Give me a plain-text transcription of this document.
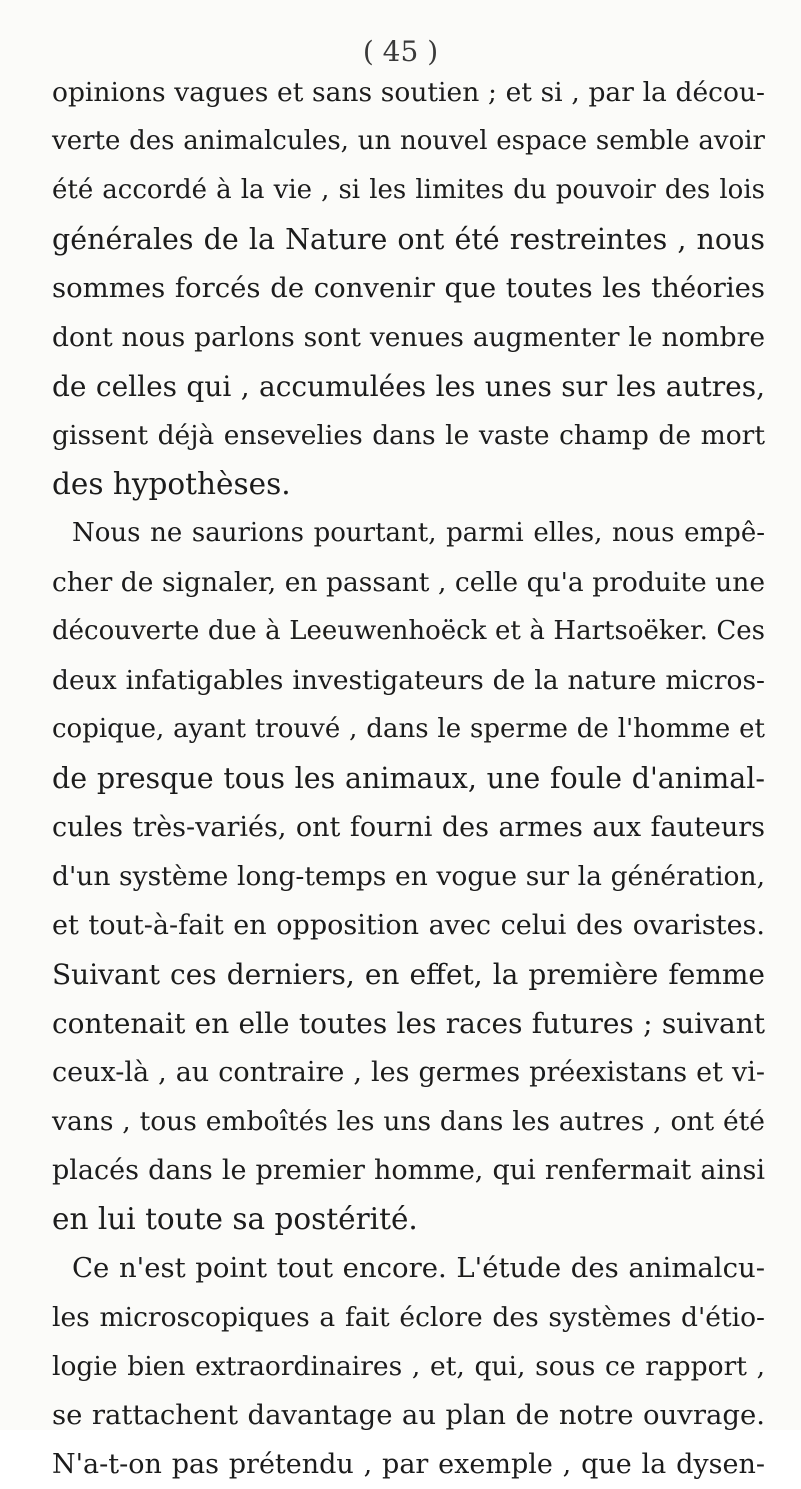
( 45 )
opinions vagues et sans soutien ; et si , par la décou-
verte des animalcules, un nouvel espace semble avoir
été accordé à la vie , si les limites du pouvoir des lois
générales de la Nature ont été restreintes , nous
sommes forcés de convenir que toutes les théories
dont nous parlons sont venues augmenter le nombre
de celles qui , accumulées les unes sur les autres,
gissent déjà ensevelies dans le vaste champ de mort
des hypothèses.
Nous ne saurions pourtant, parmi elles, nous empê-
cher de signaler, en passant , celle qu'a produite une
découverte due à Leeuwenhoëck et à Hartsoëker. Ces
deux infatigables investigateurs de la nature micros-
copique, ayant trouvé , dans le sperme de l'homme et
de presque tous les animaux, une foule d'animal-
cules très-variés, ont fourni des armes aux fauteurs
d'un système long-temps en vogue sur la génération,
et tout-à-fait en opposition avec celui des ovaristes.
Suivant ces derniers, en effet, la première femme
contenait en elle toutes les races futures ; suivant
ceux-là , au contraire , les germes préexistans et vi-
vans , tous emboîtés les uns dans les autres , ont été
placés dans le premier homme, qui renfermait ainsi
en lui toute sa postérité.
Ce n'est point tout encore. L'étude des animalcu-
les microscopiques a fait éclore des systèmes d'étio-
logie bien extraordinaires , et, qui, sous ce rapport ,
se rattachent davantage au plan de notre ouvrage.
N'a-t-on pas prétendu , par exemple , que la dysen-
